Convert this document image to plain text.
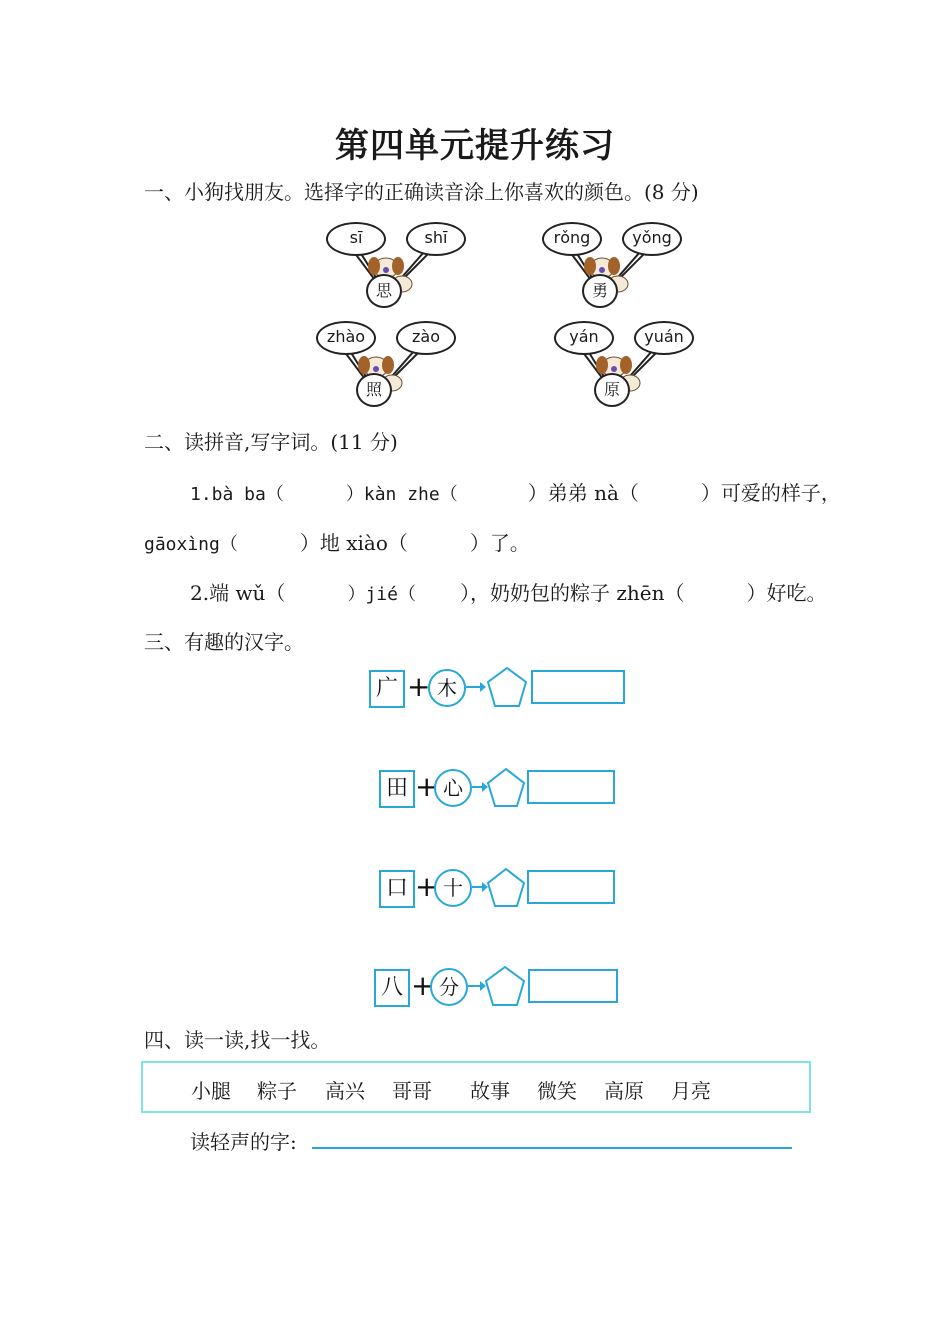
第四单元提升练习
一、小狗找朋友。选择字的正确读音涂上你喜欢的颜色。(8 分)
sī	shī
思
rǒng	yǒng
勇
zhào	zào
照
yán	yuán
原
二、读拼音,写字词。(11 分)
1.bà ba（	）kàn zhe（	）弟弟 nà（	）可爱的样子，
gāoxìng（	）地 xiào（	）了。
2.端 wǔ（	）jié（ ），奶奶包的粽子 zhēn（	）好吃。
三、有趣的汉字。
广 + 木
田 + 心
口 + 十
八 + 分
四、读一读,找一找。
小腿 粽子 高兴 哥哥 故事 微笑 高原 月亮
读轻声的字:
